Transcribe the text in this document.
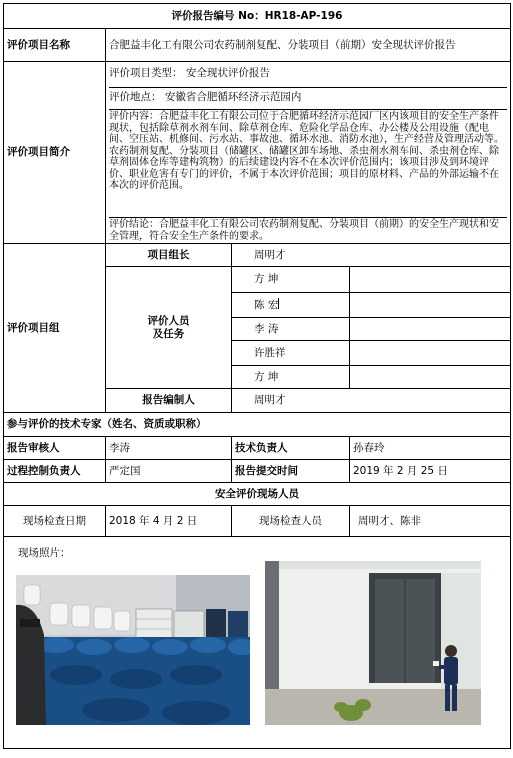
评价报告编号 No：HR18-AP-196			
评价项目名称	合肥益丰化工有限公司农药制剂复配、分装项目（前期）安全现状评价报告		
评价项目简介	评价项目类型： 安全现状评价报告
评价地点： 安徽省合肥循环经济示范园内
评价内容：合肥益丰化工有限公司位于合肥循环经济示范园厂区内该项目的安全生产条件现状，包括除草剂水剂车间、除草剂仓库、危险化学品仓库、办公楼及公用设施（配电间、空压站、机修间、污水站、事故池、循环水池、消防水池），生产经营及管理活动等。农药制剂复配、分装项目（储罐区、储罐区卸车场地、杀虫剂水剂车间、杀虫剂仓库、除草剂固体仓库等建构筑物）的后续建设内容不在本次评价范围内；该项目涉及到环境评价、职业危害有专门的评价，不属于本次评价范围；项目的原材料、产品的外部运输不在本次的评价范围。
评价结论：合肥益丰化工有限公司农药制剂复配、分装项目（前期）的安全生产现状和安全管理，符合安全生产条件的要求。		

评价项目组	项目组长	周明才	

	评价人员
及任务	方 坤	
		陈 宏	
		李 涛	
		许胜祥	
		方 坤	

	报告编制人	周明才	
参与评价的技术专家（姓名、资质或职称）			
报告审核人	李涛	技术负责人	孙春玲
过程控制负责人	严定国	报告提交时间	2019 年 2 月 25 日
安全评价现场人员			
现场检查日期	2018 年 4 月 2 日	现场检查人员	周明才、陈非

现场照片：			
